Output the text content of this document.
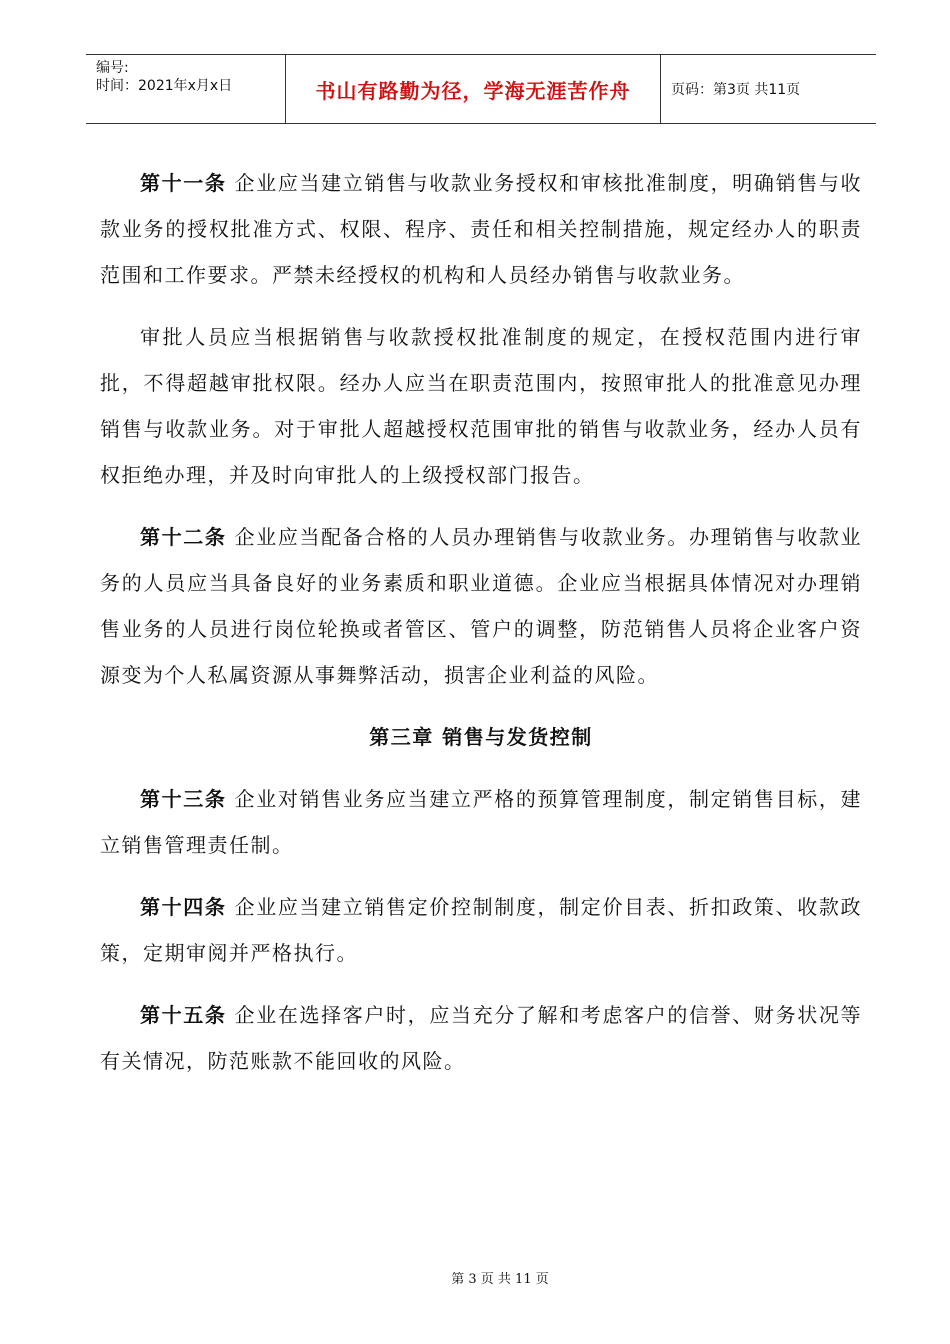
编号:
时间：2021年x月x日	书山有路勤为径，学海无涯苦作舟	页码：第3页 共11页

第十一条 企业应当建立销售与收款业务授权和审核批准制度，明确销售与收款业务的授权批准方式、权限、程序、责任和相关控制措施，规定经办人的职责范围和工作要求。严禁未经授权的机构和人员经办销售与收款业务。

审批人员应当根据销售与收款授权批准制度的规定，在授权范围内进行审批，不得超越审批权限。经办人应当在职责范围内，按照审批人的批准意见办理销售与收款业务。对于审批人超越授权范围审批的销售与收款业务，经办人员有权拒绝办理，并及时向审批人的上级授权部门报告。

第十二条 企业应当配备合格的人员办理销售与收款业务。办理销售与收款业务的人员应当具备良好的业务素质和职业道德。企业应当根据具体情况对办理销售业务的人员进行岗位轮换或者管区、管户的调整，防范销售人员将企业客户资源变为个人私属资源从事舞弊活动，损害企业利益的风险。

第三章 销售与发货控制

第十三条 企业对销售业务应当建立严格的预算管理制度，制定销售目标，建立销售管理责任制。

第十四条 企业应当建立销售定价控制制度，制定价目表、折扣政策、收款政策，定期审阅并严格执行。

第十五条 企业在选择客户时，应当充分了解和考虑客户的信誉、财务状况等有关情况，防范账款不能回收的风险。

第 3 页 共 11 页
